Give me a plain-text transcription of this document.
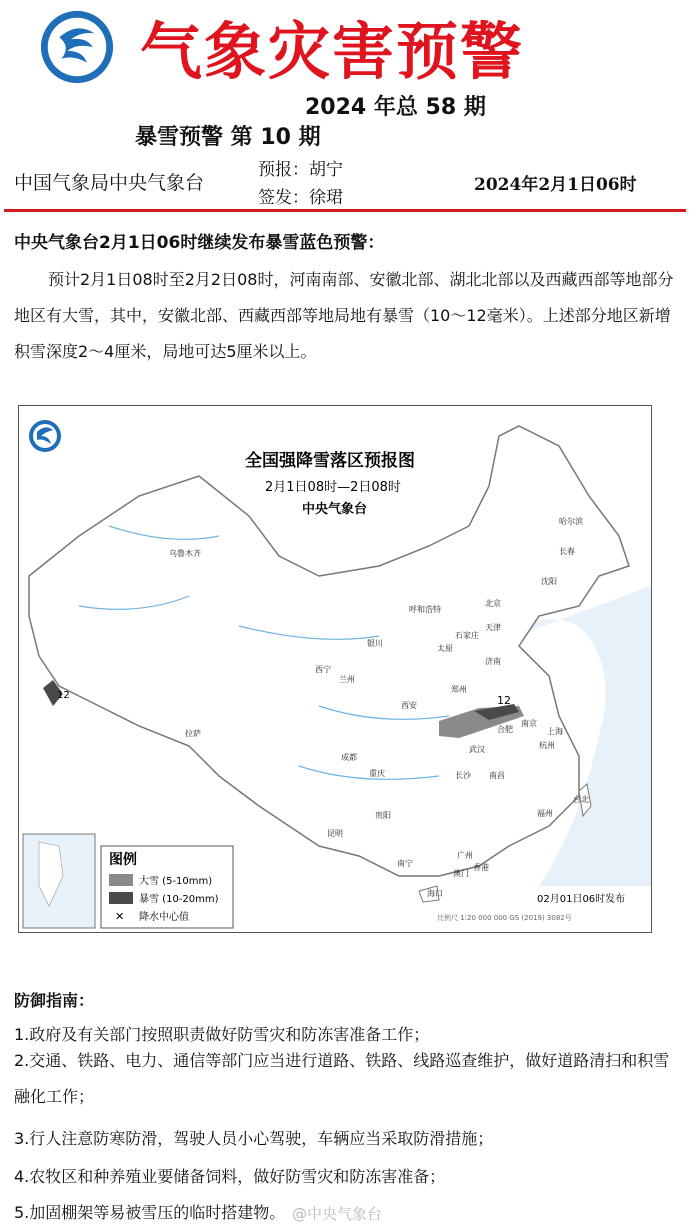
气象灾害预警
2024 年总 58 期
暴雪预警 第 10 期
中国气象局中央气象台
预报：胡宁
签发：徐珺
2024年2月1日06时
中央气象台2月1日06时继续发布暴雪蓝色预警：
预计2月1日08时至2月2日08时，河南南部、安徽北部、湖北北部以及西藏西部等地部分地区有大雪，其中，安徽北部、西藏西部等地局地有暴雪（10～12毫米）。上述部分地区新增积雪深度2～4厘米，局地可达5厘米以上。
12
12
全国强降雪落区预报图
2月1日08时—2日08时
中央气象台
乌鲁木齐
哈尔滨
长春
沈阳
呼和浩特
北京
天津
银川
太原
石家庄
济南
西宁
兰州
郑州
西安
合肥
南京
上海
杭州
拉萨
成都
武汉
重庆	长沙 南昌
福州
台北
贵阳
昆明
广州
南宁	香港
澳门
海口
图例
大雪 (5-10mm)
暴雪 (10-20mm)
✕ 降水中心值
02月01日06时发布
比例尺 1:20 000 000 GS (2019) 3082号
防御指南：
1.政府及有关部门按照职责做好防雪灾和防冻害准备工作；
2.交通、铁路、电力、通信等部门应当进行道路、铁路、线路巡查维护，做好道路清扫和积雪融化工作；
3.行人注意防寒防滑，驾驶人员小心驾驶，车辆应当采取防滑措施；
4.农牧区和种养殖业要储备饲料，做好防雪灾和防冻害准备；
5.加固棚架等易被雪压的临时搭建物。 @中央气象台
